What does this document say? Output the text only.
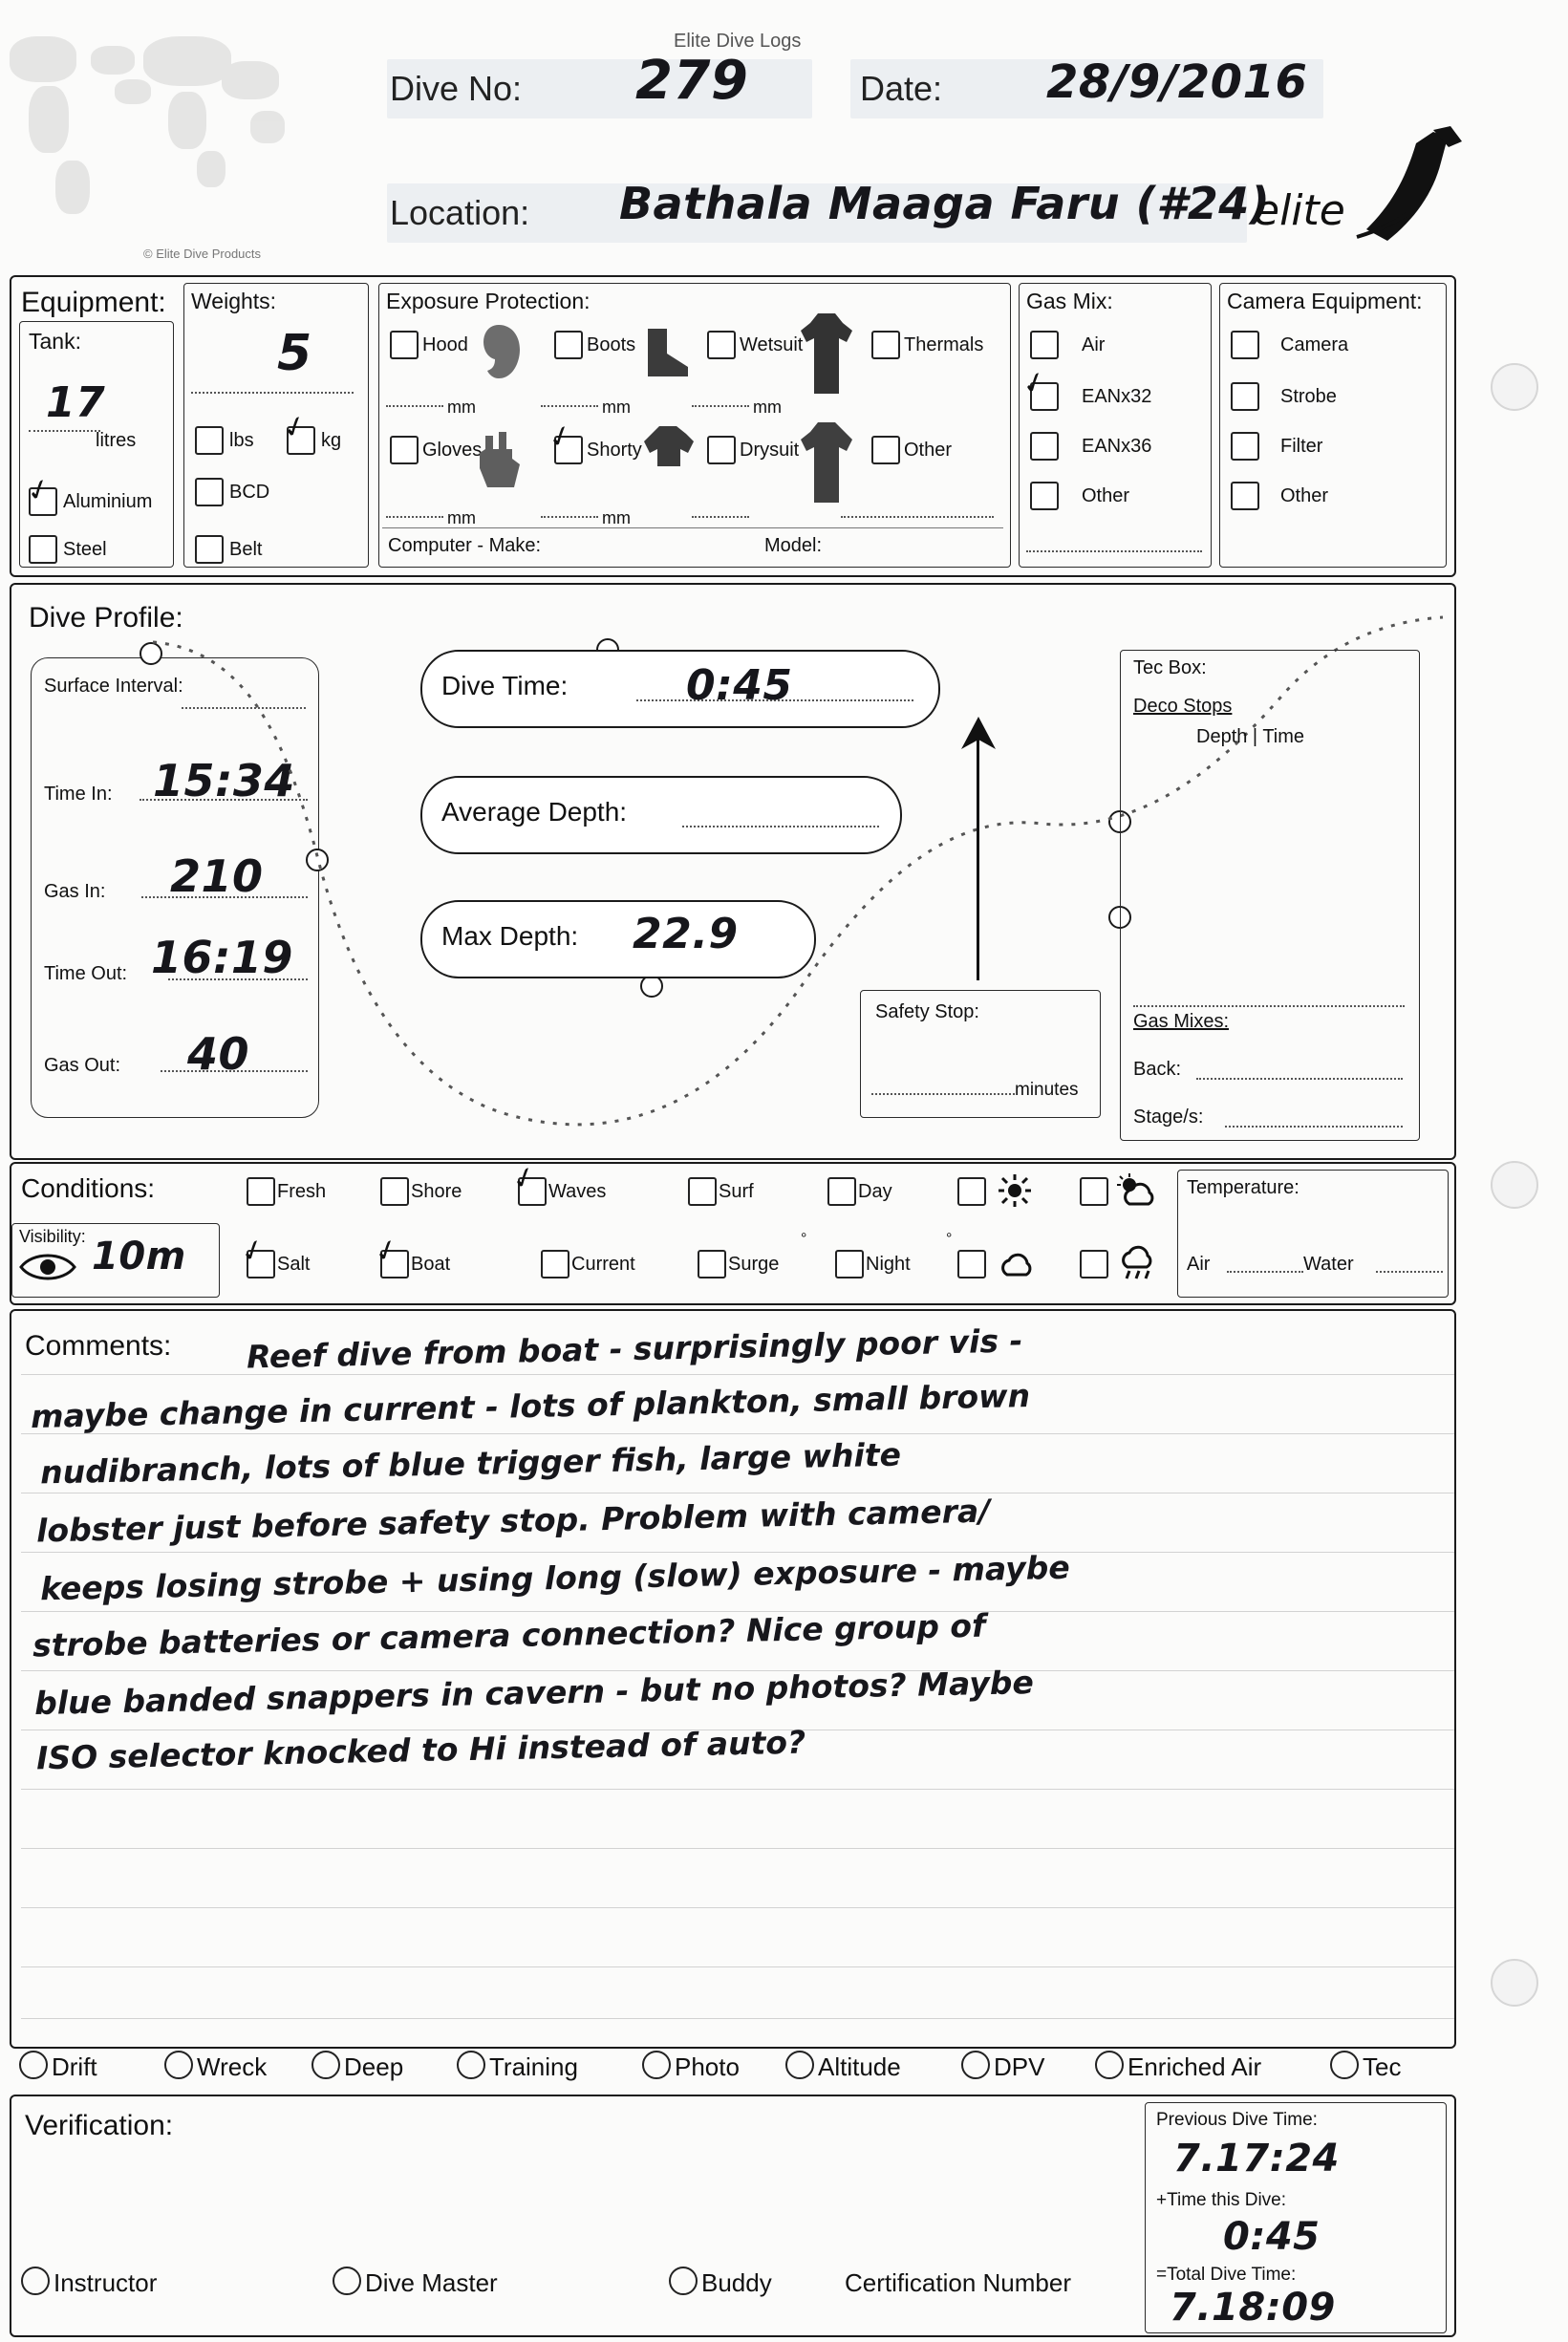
© Elite Dive Products
Elite Dive Logs
Dive No: 279	Date: 28/9/2016
Location: Bathala Maaga Faru (#24)
elite
Equipment:
Tank:
17
litres
✓ Aluminium
Steel
Weights:
5
lbs ✓ kg
BCD
Belt
Exposure Protection:
Hood	Boots	Wetsuit	Thermals
mm	mm	mm
Gloves ✓ Shorty	Drysuit	Other
mm	mm
Computer - Make:	Model:
Gas Mix:
Air
✓ EANx32
EANx36
Other
Camera Equipment:
Camera
Strobe
Filter
Other
Dive Profile:
Surface Interval:
Time In: 15:34
Gas In: 210
Time Out: 16:19
Gas Out: 40
Dive Time:	0:45
Average Depth:
Max Depth: 22.9
Safety Stop:
minutes
Tec Box:
Deco Stops
Depth | Time
Gas Mixes:
Back:
Stage/s:
Conditions:
Visibility: 10m
Fresh	Shore ✓ Waves	Surf	Day
°	°
✓ Salt ✓ Boat	Current	Surge	Night
Temperature:
Air	Water
Comments: Reef dive from boat - surprisingly poor vis -
maybe change in current - lots of plankton, small brown
nudibranch, lots of blue trigger fish, large white
lobster just before safety stop. Problem with camera/
keeps losing strobe + using long (slow) exposure - maybe
strobe batteries or camera connection? Nice group of
blue banded snappers in cavern - but no photos? Maybe
ISO selector knocked to Hi instead of auto?
Drift	Wreck	Deep	Training	Photo	Altitude	DPV	Enriched Air	Tec
Verification:
Instructor	Dive Master	Buddy	Certification Number
Previous Dive Time:
7.17:24
+Time this Dive:
0:45
=Total Dive Time:
7.18:09
